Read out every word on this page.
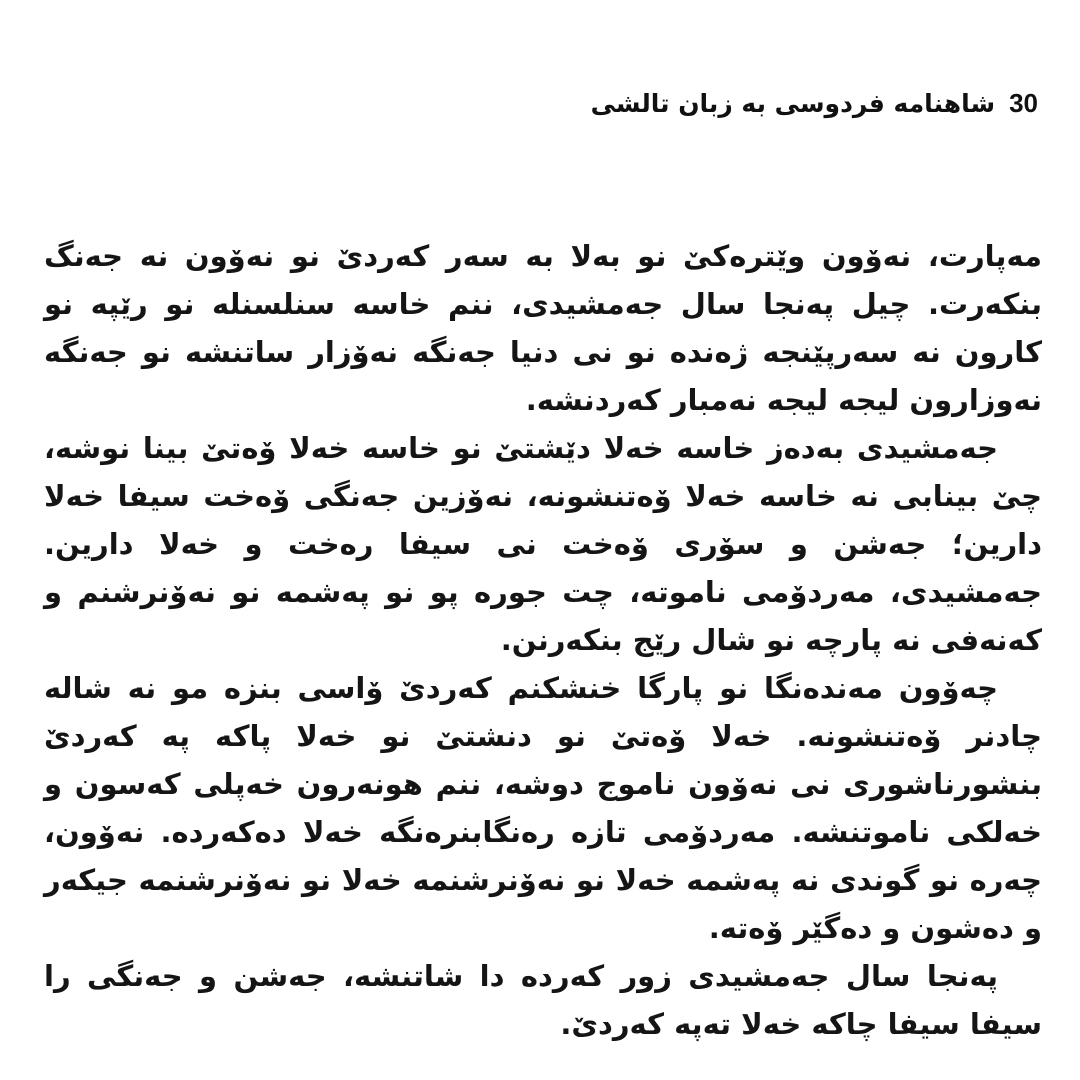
30
شاهنامه فردوسی به زبان تالشی

مه‌پارت، نه‌ۆون وێتره‌کێ نو به‌لا به سه‌ر که‌ردێ نو نه‌ۆون نه جه‌نگ بنکه‌رت. چیل پەنجا سال جه‌مشیدی، ننم خاسه سنلسنله نو رێپه نو کارون نه سه‌رپێنجه ژه‌نده نو نی دنیا جه‌نگه نه‌ۆزار ساتنشه نو جه‌نگه نه‌وزارون لیجه لیجه نه‌مبار که‌ردنشه.

جه‌مشیدی به‌ده‌ز خاسه خه‌لا دێشتێ نو خاسه خه‌لا ۆه‌تێ بینا نوشه، چێ بینابی نه خاسه خه‌لا ۆه‌تنشونه، نه‌ۆزین جه‌نگی ۆه‌خت سیفا خه‌لا دارین؛ جه‌شن و سۆری ۆه‌خت نی سیفا ره‌خت و خه‌لا دارین. جه‌مشیدی، مه‌ردۆمی ناموته، چت جوره پو نو په‌شمه نو نه‌ۆنرشنم و که‌نه‌فی نه پارچه نو شال رێج بنکه‌رنن.

چه‌ۆون مه‌نده‌نگا نو پارگا خنشکنم که‌ردێ ۆاسی بنزه مو نه شاله چادنر ۆه‌تنشونه. خه‌لا ۆه‌تێ نو دنشتێ نو خه‌لا پاکه‌ په که‌ردێ بنشورناشوری نی نه‌ۆون ناموج دوشه، ننم هونه‌رون خه‌پلی که‌سون و خه‌لکی ناموتنشه. مه‌ردۆمی تازه ره‌نگابنره‌نگه خه‌لا ده‌که‌رده. نه‌ۆون، چه‌ره نو گوندی نه په‌شمه خه‌لا نو نه‌ۆنرشنمه خه‌لا نو نه‌ۆنرشنمه جیکه‌ر و ده‌شون و ده‌گێر ۆه‌ته.

په‌نجا سال جه‌مشیدی زور که‌رده دا شاتنشه، جه‌شن و جه‌نگی را سیفا سیفا چاکه خه‌لا ته‌په که‌ردێ.
